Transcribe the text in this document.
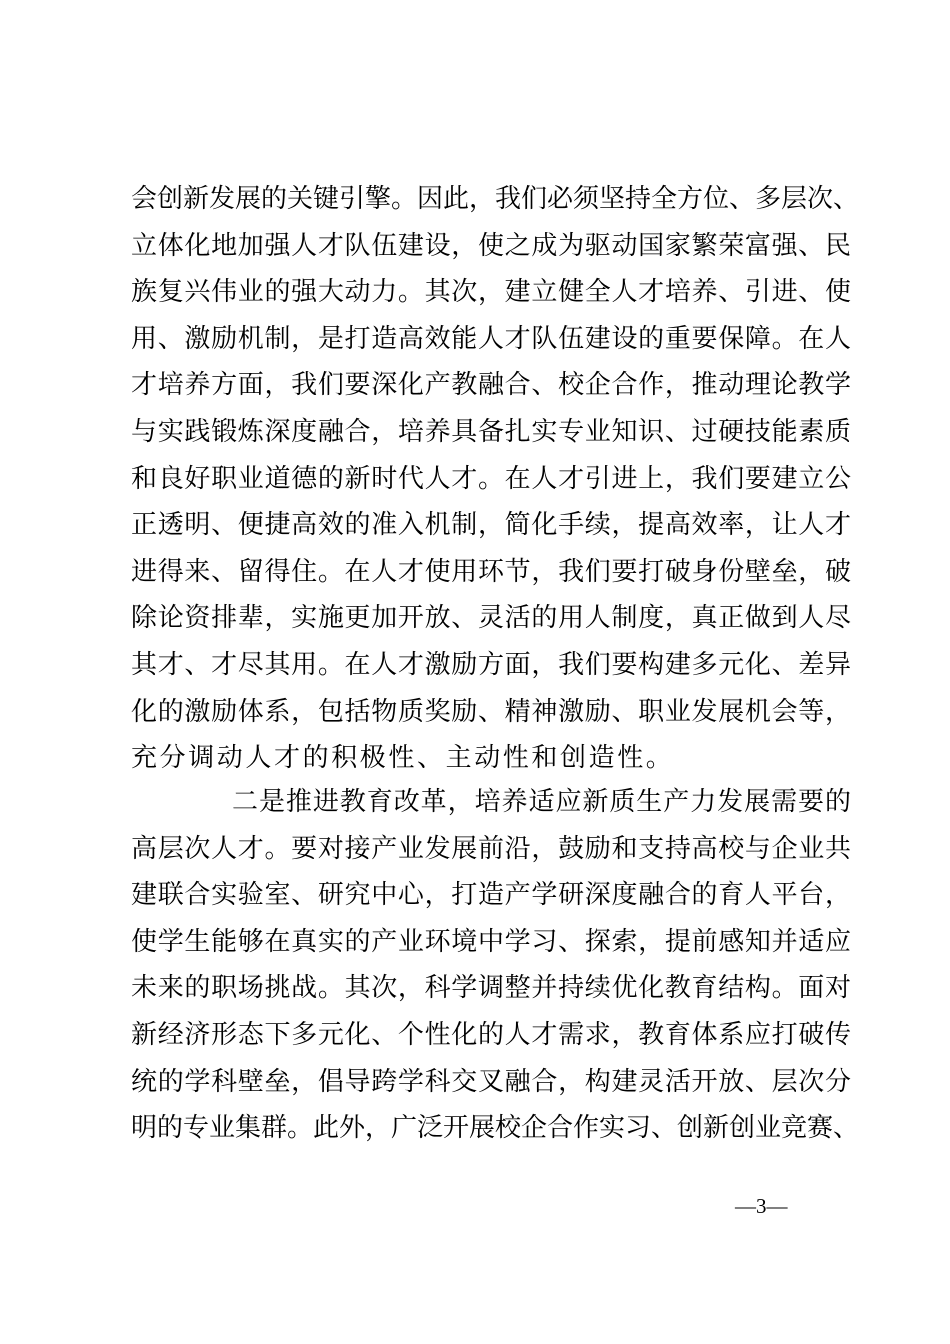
会创新发展的关键引擎。因此，我们必须坚持全方位、多层次、
立体化地加强人才队伍建设，使之成为驱动国家繁荣富强、民
族复兴伟业的强大动力。其次，建立健全人才培养、引进、使
用、激励机制，是打造高效能人才队伍建设的重要保障。在人
才培养方面，我们要深化产教融合、校企合作，推动理论教学
与实践锻炼深度融合，培养具备扎实专业知识、过硬技能素质
和良好职业道德的新时代人才。在人才引进上，我们要建立公
正透明、便捷高效的准入机制，简化手续，提高效率，让人才
进得来、留得住。在人才使用环节，我们要打破身份壁垒，破
除论资排辈，实施更加开放、灵活的用人制度，真正做到人尽
其才、才尽其用。在人才激励方面，我们要构建多元化、差异
化的激励体系，包括物质奖励、精神激励、职业发展机会等，
充分调动人才的积极性、主动性和创造性。
二是推进教育改革，培养适应新质生产力发展需要的
高层次人才。要对接产业发展前沿，鼓励和支持高校与企业共
建联合实验室、研究中心，打造产学研深度融合的育人平台，
使学生能够在真实的产业环境中学习、探索，提前感知并适应
未来的职场挑战。其次，科学调整并持续优化教育结构。面对
新经济形态下多元化、个性化的人才需求，教育体系应打破传
统的学科壁垒，倡导跨学科交叉融合，构建灵活开放、层次分
明的专业集群。此外，广泛开展校企合作实习、创新创业竞赛、
—3—
